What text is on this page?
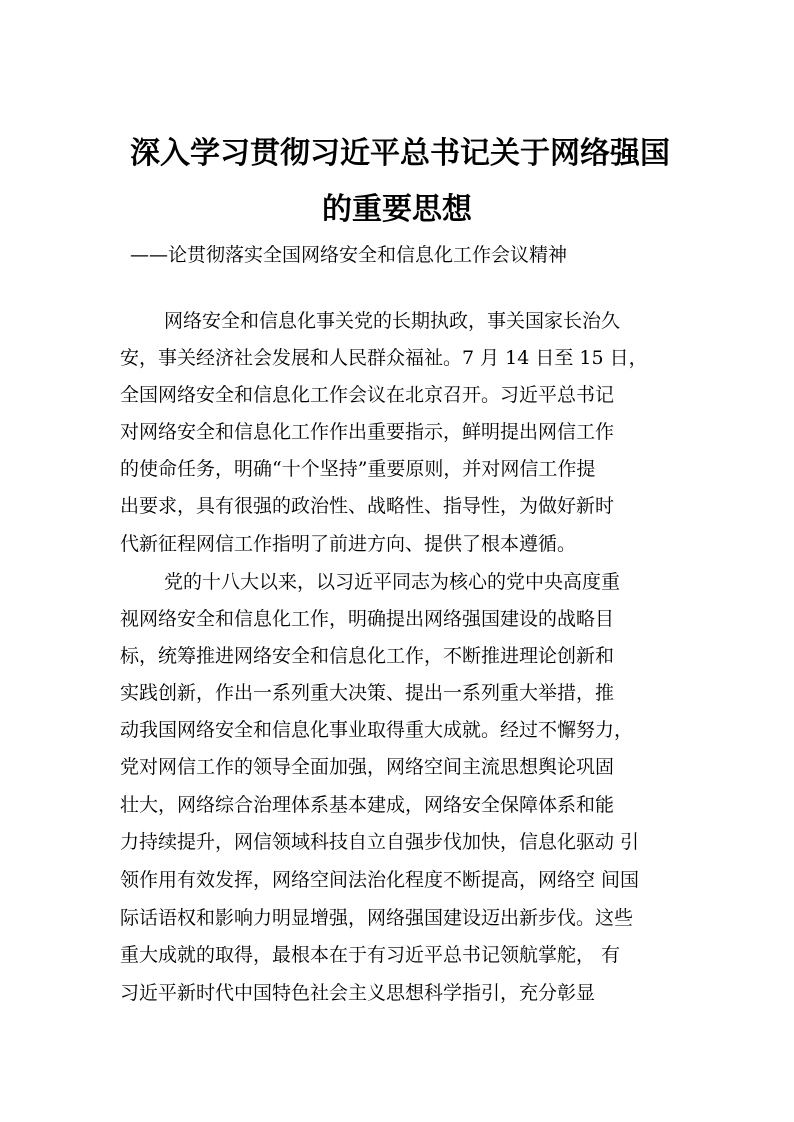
深入学习贯彻习近平总书记关于网络强国
的重要思想

——论贯彻落实全国网络安全和信息化工作会议精神

网络安全和信息化事关党的长期执政，事关国家长治久

安，事关经济社会发展和人民群众福祉。7 月 14 日至 15 日，

全国网络安全和信息化工作会议在北京召开。习近平总书记

对网络安全和信息化工作作出重要指示，鲜明提出网信工作

的使命任务，明确“十个坚持”重要原则，并对网信工作提

出要求，具有很强的政治性、战略性、指导性，为做好新时

代新征程网信工作指明了前进方向、提供了根本遵循。

党的十八大以来，以习近平同志为核心的党中央高度重

视网络安全和信息化工作，明确提出网络强国建设的战略目

标，统筹推进网络安全和信息化工作，不断推进理论创新和

实践创新，作出一系列重大决策、提出一系列重大举措，推

动我国网络安全和信息化事业取得重大成就。经过不懈努力，

党对网信工作的领导全面加强，网络空间主流思想舆论巩固

壮大，网络综合治理体系基本建成，网络安全保障体系和能

力持续提升，网信领域科技自立自强步伐加快，信息化驱动 引

领作用有效发挥，网络空间法治化程度不断提高，网络空 间国

际话语权和影响力明显增强，网络强国建设迈出新步伐。这些

重大成就的取得，最根本在于有习近平总书记领航掌舵， 有

习近平新时代中国特色社会主义思想科学指引，充分彰显
